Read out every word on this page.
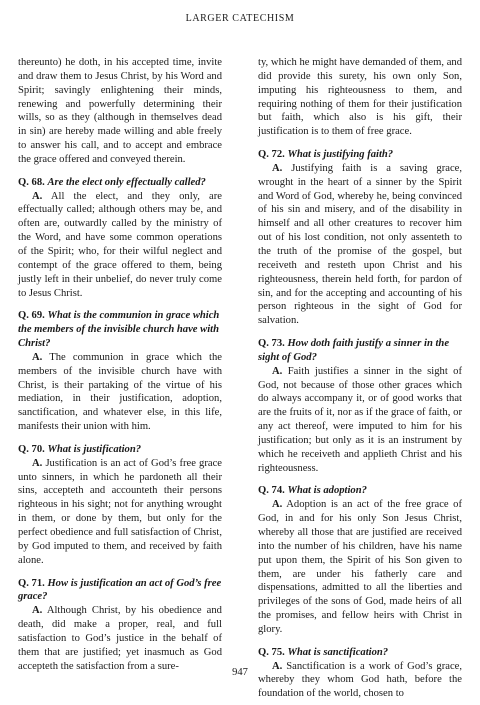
LARGER CATECHISM

thereunto) he doth, in his accepted time, invite and draw them to Jesus Christ, by his Word and Spirit; savingly enlightening their minds, renewing and powerfully determining their wills, so as they (although in themselves dead in sin) are hereby made willing and able freely to answer his call, and to accept and embrace the grace offered and conveyed therein.

Q. 68. Are the elect only effectually called?

A. All the elect, and they only, are effectually called; although others may be, and often are, outwardly called by the ministry of the Word, and have some common operations of the Spirit; who, for their wilful neglect and contempt of the grace offered to them, being justly left in their unbelief, do never truly come to Jesus Christ.

Q. 69. What is the communion in grace which the members of the invisible church have with Christ?

A. The communion in grace which the members of the invisible church have with Christ, is their partaking of the virtue of his mediation, in their justification, adoption, sanctification, and whatever else, in this life, manifests their union with him.

Q. 70. What is justification?

A. Justification is an act of God’s free grace unto sinners, in which he pardoneth all their sins, accepteth and accounteth their persons righteous in his sight; not for anything wrought in them, or done by them, but only for the perfect obedience and full satisfaction of Christ, by God imputed to them, and received by faith alone.

Q. 71. How is justification an act of God’s free grace?

A. Although Christ, by his obedience and death, did make a proper, real, and full satisfaction to God’s justice in the behalf of them that are justified; yet inasmuch as God accepteth the satisfaction from a sure-

ty, which he might have demanded of them, and did provide this surety, his own only Son, imputing his righteousness to them, and requiring nothing of them for their justification but faith, which also is his gift, their justification is to them of free grace.

Q. 72. What is justifying faith?

A. Justifying faith is a saving grace, wrought in the heart of a sinner by the Spirit and Word of God, whereby he, being convinced of his sin and misery, and of the disability in himself and all other creatures to recover him out of his lost condition, not only assenteth to the truth of the promise of the gospel, but receiveth and resteth upon Christ and his righteousness, therein held forth, for pardon of sin, and for the accepting and accounting of his person righteous in the sight of God for salvation.

Q. 73. How doth faith justify a sinner in the sight of God?

A. Faith justifies a sinner in the sight of God, not because of those other graces which do always accompany it, or of good works that are the fruits of it, nor as if the grace of faith, or any act thereof, were imputed to him for his justification; but only as it is an instrument by which he receiveth and applieth Christ and his righteousness.

Q. 74. What is adoption?

A. Adoption is an act of the free grace of God, in and for his only Son Jesus Christ, whereby all those that are justified are received into the number of his children, have his name put upon them, the Spirit of his Son given to them, are under his fatherly care and dispensations, admitted to all the liberties and privileges of the sons of God, made heirs of all the promises, and fellow heirs with Christ in glory.

Q. 75. What is sanctification?

A. Sanctification is a work of God’s grace, whereby they whom God hath, before the foundation of the world, chosen to

947
